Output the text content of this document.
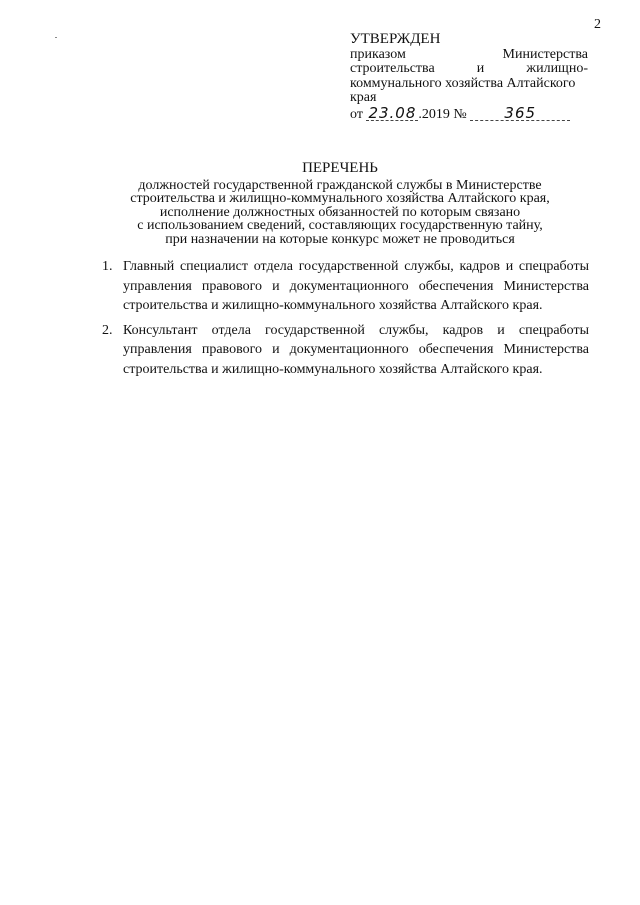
2
УТВЕРЖДЕН
приказом Министерства
строительства и жилищно-
коммунального хозяйства Алтайского
края
от 23.08 .2019 №	365
ПЕРЕЧЕНЬ
должностей государственной гражданской службы в Министерстве
строительства и жилищно-коммунального хозяйства Алтайского края,
исполнение должностных обязанностей по которым связано
с использованием сведений, составляющих государственную тайну,
при назначении на которые конкурс может не проводиться
1. Главный специалист отдела государственной службы, кадров и спецработы управления правового и документационного обеспечения Министерства строительства и жилищно-коммунального хозяйства Алтайского края.
2. Консультант отдела государственной службы, кадров и спецработы управления правового и документационного обеспечения Министерства строительства и жилищно-коммунального хозяйства Алтайского края.
